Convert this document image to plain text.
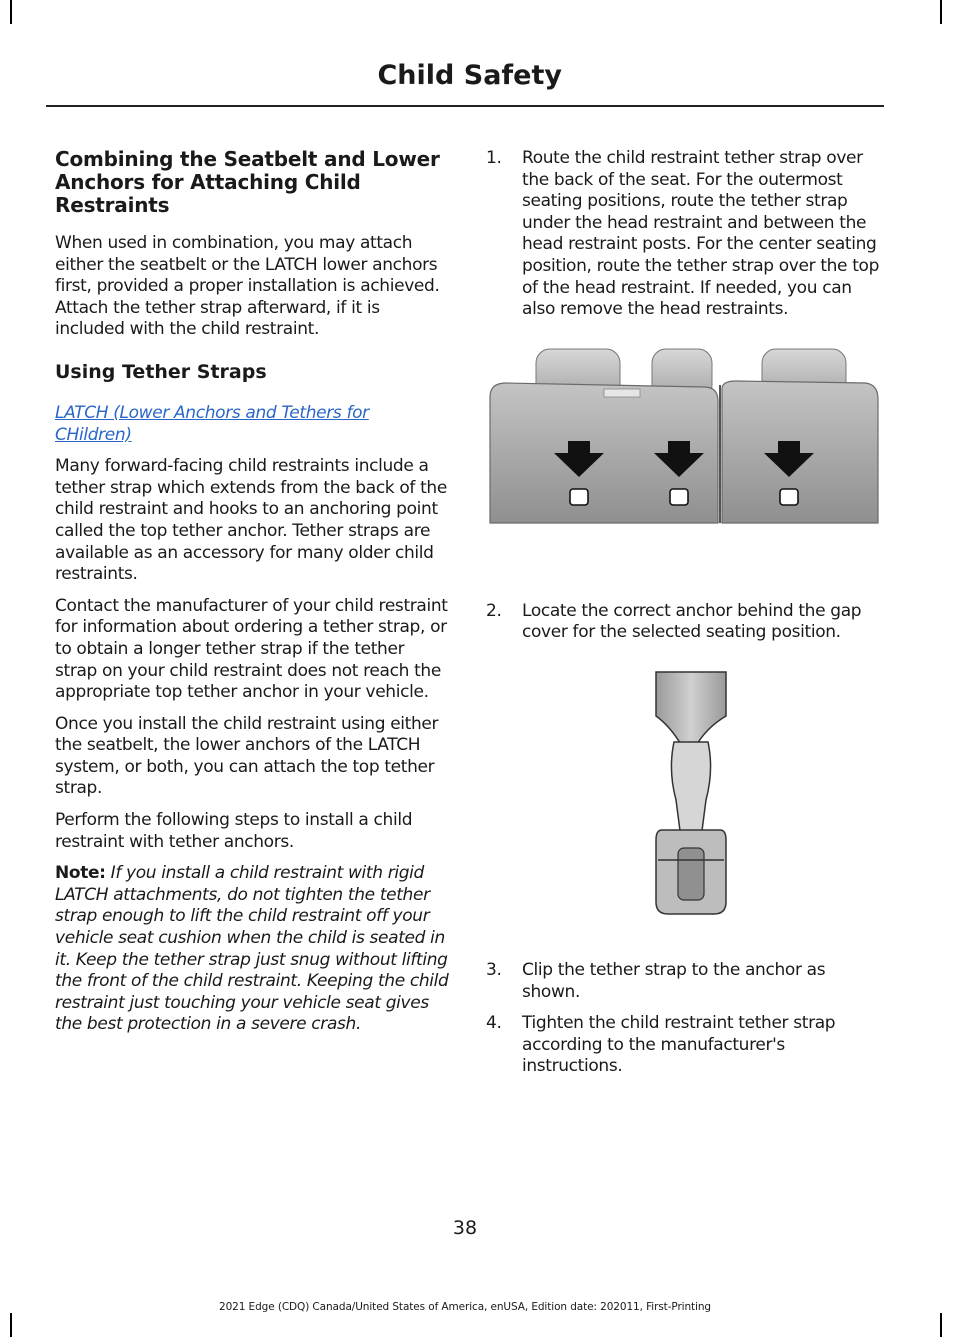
Child Safety
Combining the Seatbelt and Lower Anchors for Attaching Child Restraints

When used in combination, you may attach either the seatbelt or the LATCH lower anchors first, provided a proper installation is achieved. Attach the tether strap afterward, if it is included with the child restraint.

Using Tether Straps
LATCH (Lower Anchors and Tethers for CHildren)

Many forward-facing child restraints include a tether strap which extends from the back of the child restraint and hooks to an anchoring point called the top tether anchor. Tether straps are available as an accessory for many older child restraints.

Contact the manufacturer of your child restraint for information about ordering a tether strap, or to obtain a longer tether strap if the tether strap on your child restraint does not reach the appropriate top tether anchor in your vehicle.

Once you install the child restraint using either the seatbelt, the lower anchors of the LATCH system, or both, you can attach the top tether strap.

Perform the following steps to install a child restraint with tether anchors.

Note: If you install a child restraint with rigid LATCH attachments, do not tighten the tether strap enough to lift the child restraint off your vehicle seat cushion when the child is seated in it. Keep the tether strap just snug without lifting the front of the child restraint. Keeping the child restraint just touching your vehicle seat gives the best protection in a severe crash.

1.	Route the child restraint tether strap over the back of the seat. For the outermost seating positions, route the tether strap under the head restraint and between the head restraint posts. For the center seating position, route the tether strap over the top of the head restraint. If needed, you can also remove the head restraints.
2.	Locate the correct anchor behind the gap cover for the selected seating position.
3.	Clip the tether strap to the anchor as shown.
4.	Tighten the child restraint tether strap according to the manufacturer's instructions.
38
2021 Edge (CDQ) Canada/United States of America, enUSA, Edition date: 202011, First-Printing
